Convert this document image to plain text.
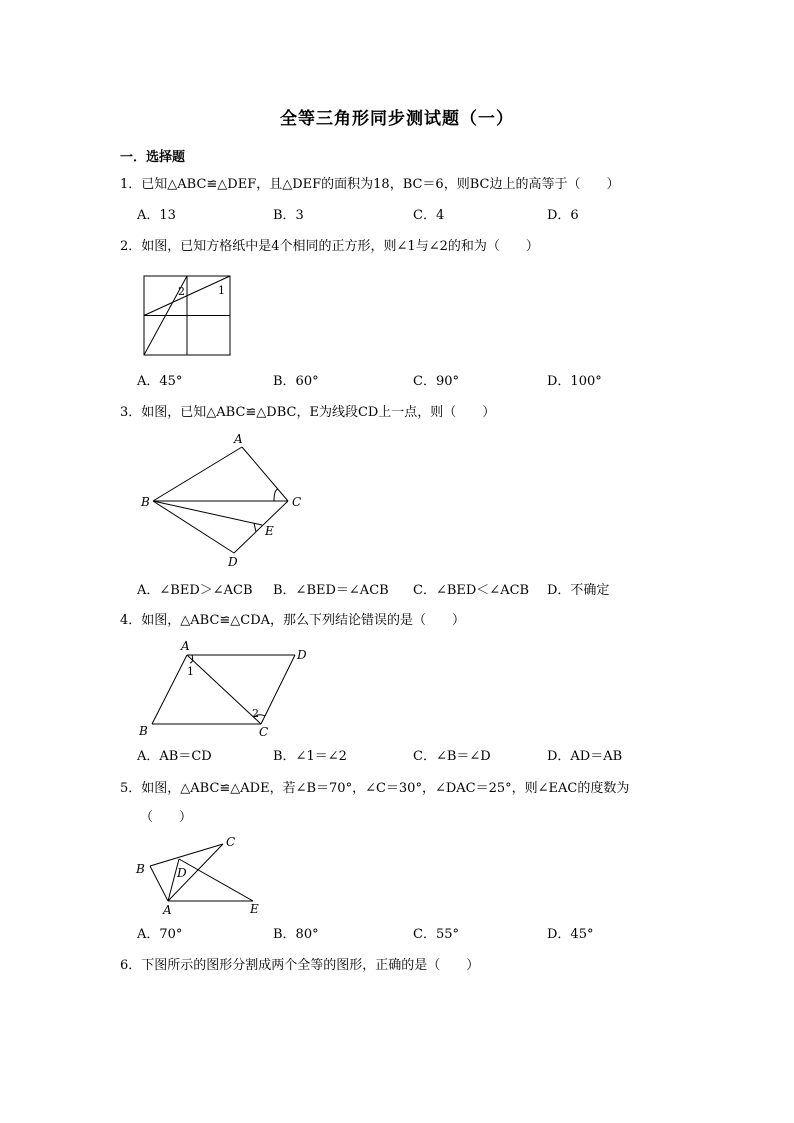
全等三角形同步测试题（一）
一．选择题
1．已知△ABC≌△DEF，且△DEF的面积为18，BC＝6，则BC边上的高等于（　　）
A．13	B．3	C．4	D．6
2．如图，已知方格纸中是4个相同的正方形，则∠1与∠2的和为（　　）
2	1
A．45°	B．60°	C．90°	D．100°
3．如图，已知△ABC≌△DBC，E为线段CD上一点，则（　　）
A
B	C
E
D
A．∠BED＞∠ACB B．∠BED＝∠ACB C．∠BED＜∠ACB D．不确定
4．如图，△ABC≌△CDA，那么下列结论错误的是（　　）
A
D
1
2
B	C
A．AB＝CD	B．∠1＝∠2	C．∠B＝∠D	D．AD＝AB
5．如图，△ABC≌△ADE，若∠B＝70°，∠C＝30°，∠DAC＝25°，则∠EAC的度数为
（　　）
C
B	D
A	E
A．70°	B．80°	C．55°	D．45°
6．下图所示的图形分割成两个全等的图形，正确的是（　　）
